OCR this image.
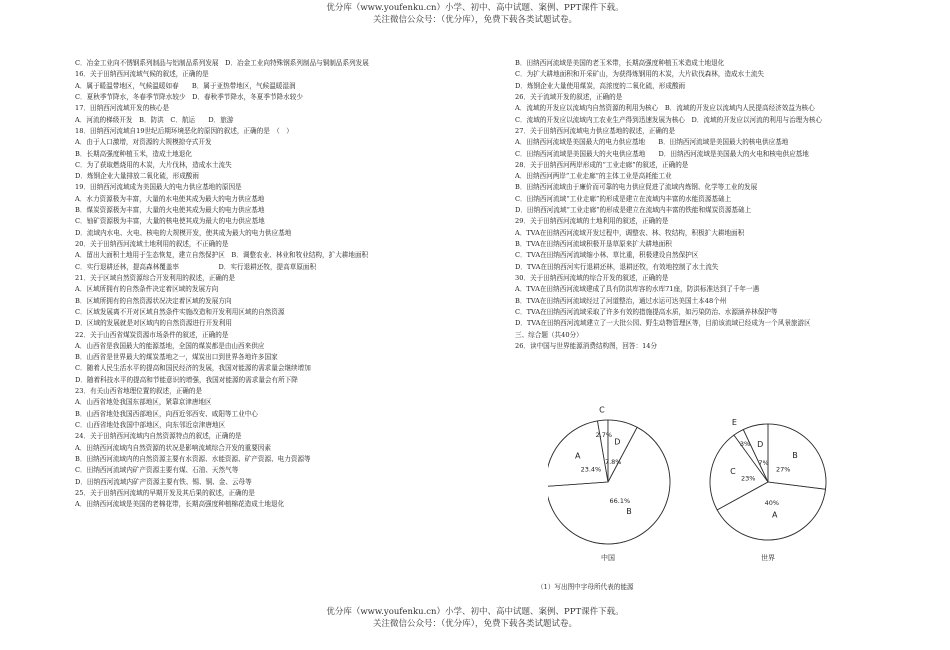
优分库（www.youfenku.cn）小学、初中、高中试题、案例、PPT课件下载。
关注微信公众号：（优分库），免费下载各类试题试卷。
C．冶金工业向不锈钢系列制品与铝制品系列发展　D．冶金工业向特殊钢系列制品与铜制品系列发展
16．关于田纳西河流域气候的叙述，正确的是
A．属于暖温带地区，气候温暖如春　　B．属于亚热带地区，气候温暖湿润
C．夏秋季节降水，冬春季节降水较少　D．春秋季节降水，冬夏季节降水较少
17．田纳西河流域开发的核心是
A．河流的梯级开发　B．防洪　C．航运　　D．旅游
18．田纳西河流域自19世纪后期环境恶化的原因的叙述，正确的是　（　）
A．由于人口激增，对资源的大规模掠夺式开发
B．长期高强度种植玉米，造成土地退化
C．为了获取燃烧用的木炭，大片伐林，造成水土流失
D．炼钢企业大量排放二氧化硫，形成酸雨
19．田纳西河流域成为美国最大的电力供应基地的原因是
A．水力资源极为丰富，大量的水电使其成为最大的电力供应基地
B．煤炭资源极为丰富，大量的火电使其成为最大的电力供应基地
C．铀矿资源极为丰富，大量的核电使其成为最大的电力供应基地
D．流域内水电、火电、核电的大规模开发，使其成为最大的电力供应基地
20．关于田纳西河流域土地利用的叙述，不正确的是
A．留出大面积土地用于生态恢复，建立自然保护区　B．调整农业、林业和牧业结构，扩大耕地面积
C．实行退耕还林，提高森林覆盖率　　　　　　D．实行退耕还牧，提高草原面积
21．关于区域自然资源综合开发利用的叙述，正确的是
A．区域所拥有的自然条件决定着区域的发展方向
B．区域所拥有的自然资源状况决定着区域的发展方向
C．区域发展离不开对区域自然条件实施改造和开发利用区域的自然资源
D．区域的发展就是对区域内的自然资源进行开发利用
22．关于山西省煤炭资源市场条件的叙述，正确的是
A．山西省是我国最大的能源基地，全国的煤炭都是由山西来供应
B．山西省是世界最大的煤炭基地之一，煤炭出口到世界各地许多国家
C．随着人民生活水平的提高和国民经济的发展，我国对能源的需求量会继续增加
D．随着科技水平的提高和节能意识的增强，我国对能源的需求量会有所下降
23．有关山西省地理位置的叙述，正确的是
A．山西省地处我国东部地区，紧靠京津唐地区
B．山西省地处我国西部地区，向西近邻西安、咸阳等工业中心
C．山西省地处我国中部地区，向东邻近京津唐地区
24．关于田纳西河流域内自然资源特点的叙述，正确的是
A．田纳西河流域内自然资源的状况是影响流域综合开发的重要因素
B．田纳西河流域内的自然资源主要有水资源、水能资源、矿产资源、电力资源等
C．田纳西河流域内矿产资源主要有煤、石油、天然气等
D．田纳西河流域内矿产资源主要有铁、锡、铜、金、云母等
25．关于田纳西河流域的早期开发及其后果的叙述，正确的是
A．田纳西河流域是美国的老棉花带，长期高强度种植棉花造成土地退化
B．田纳西河流域是美国的老玉米带，长期高强度种植玉米造成土地退化
C．为扩大耕地面积和开采矿山，为获得炼钢用的木炭，大片砍伐森林，造成水土流失
D．炼钢企业大量使用煤炭，高浓度的二氧化硫，形成酸雨
26．关于流域开发的叙述，正确的是
A．流域的开发应以流域内自然资源的利用为核心　B．流域的开发应以流域内人民提高经济效益为核心
C．流域的开发应以流域内工农业生产得到迅速发展为核心　D．流域的开发应以河流的利用与治理为核心
27．关于田纳西河流域电力供应基地的叙述，正确的是
A．田纳西河流域是美国最大的电力供应基地　　B．田纳西河流域是美国最大的核电供应基地
C．田纳西河流域是美国最大的火电供应基地　　D．田纳西河流域是美国最大的火电和核电供应基地
28．关于田纳西河两岸形成的“工业走廊”的叙述，正确的是
A．田纳西河两岸“工业走廊”的主体工业是高耗能工业
B．田纳西河流域由于廉价而可靠的电力供应促进了流域内炼钢、化学等工业的发展
C．田纳西河流域“工业走廊”的形成是建立在流域内丰富的水能资源基础上
D．田纳西河流域“工业走廊”的形成是建立在流域内丰富的铁能和煤炭资源基础上
29．关于田纳西河流域的土地利用的叙述，正确的是
A．TVA在田纳西河流域开发过程中，调整农、林、牧结构，积极扩大耕地面积
B．TVA在田纳西河流域积极开垦草原来扩大耕地面积
C．TVA在田纳西河流域缩小林、草比重，积极建设自然保护区
D．TVA在田纳西河实行退耕还林，退耕还牧，有效地控制了水土流失
30．关于田纳西河流域的综合开发的叙述，正确的是
A．TVA在田纳西河流域建成了具有防洪库容的水库71座，防洪标准达到了千年一遇
B．TVA在田纳西河流域经过了河道整治，通过水运可达美国土本48个州
C．TVA在田纳西河流域采取了许多有效的措施提高水质，如污染防治、水源涵养林保护等
D．TVA在田纳西河流域建立了一大批公园、野生动物管理区等，目前该流域已经成为一个风景旅游区
三、综合题（共40分）
26．读中国与世界能源消费结构图，回答：14分
B
66.1%
A
23.4%
C
2.7%
D
7.8%
中国
B
27%
A
40%
C
23%
E
3% D
7%
世界
（1）写出图中字母所代表的能源
优分库（www.youfenku.cn）小学、初中、高中试题、案例、PPT课件下载。
关注微信公众号：（优分库），免费下载各类试题试卷。
